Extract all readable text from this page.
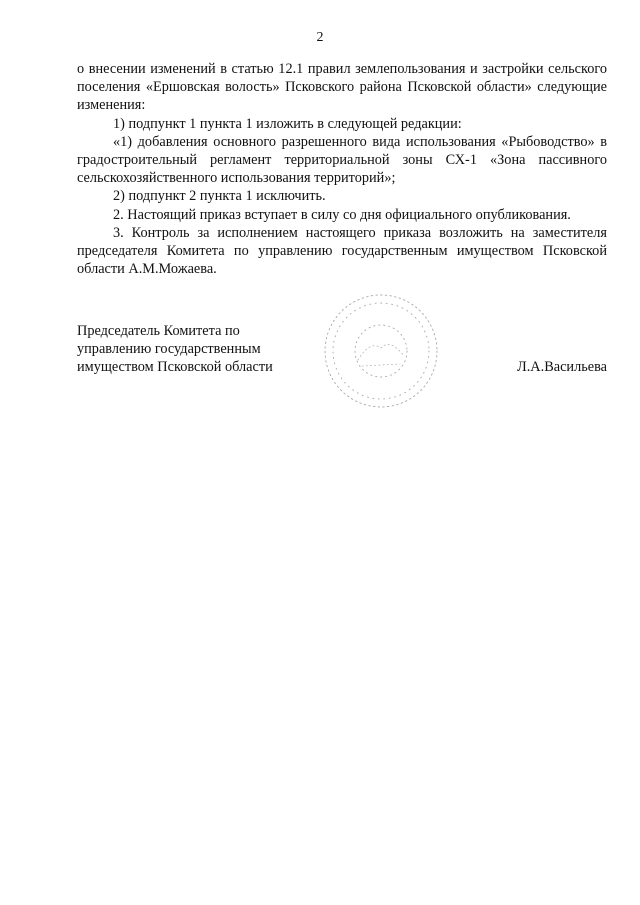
2

о внесении изменений в статью 12.1 правил землепользования и застройки сельского поселения «Ершовская волость» Псковского района Псковской области» следующие изменения:

1) подпункт 1 пункта 1 изложить в следующей редакции:

«1) добавления основного разрешенного вида использования «Рыбоводство» в градостроительный регламент территориальной зоны СХ-1 «Зона пассивного сельскохозяйственного использования территорий»;

2) подпункт 2 пункта 1 исключить.

2. Настоящий приказ вступает в силу со дня официального опубликования.

3. Контроль за исполнением настоящего приказа возложить на заместителя председателя Комитета по управлению государственным имуществом Псковской области А.М.Можаева.

Председатель Комитета по
управлению государственным
имуществом Псковской области	Л.А.Васильева
